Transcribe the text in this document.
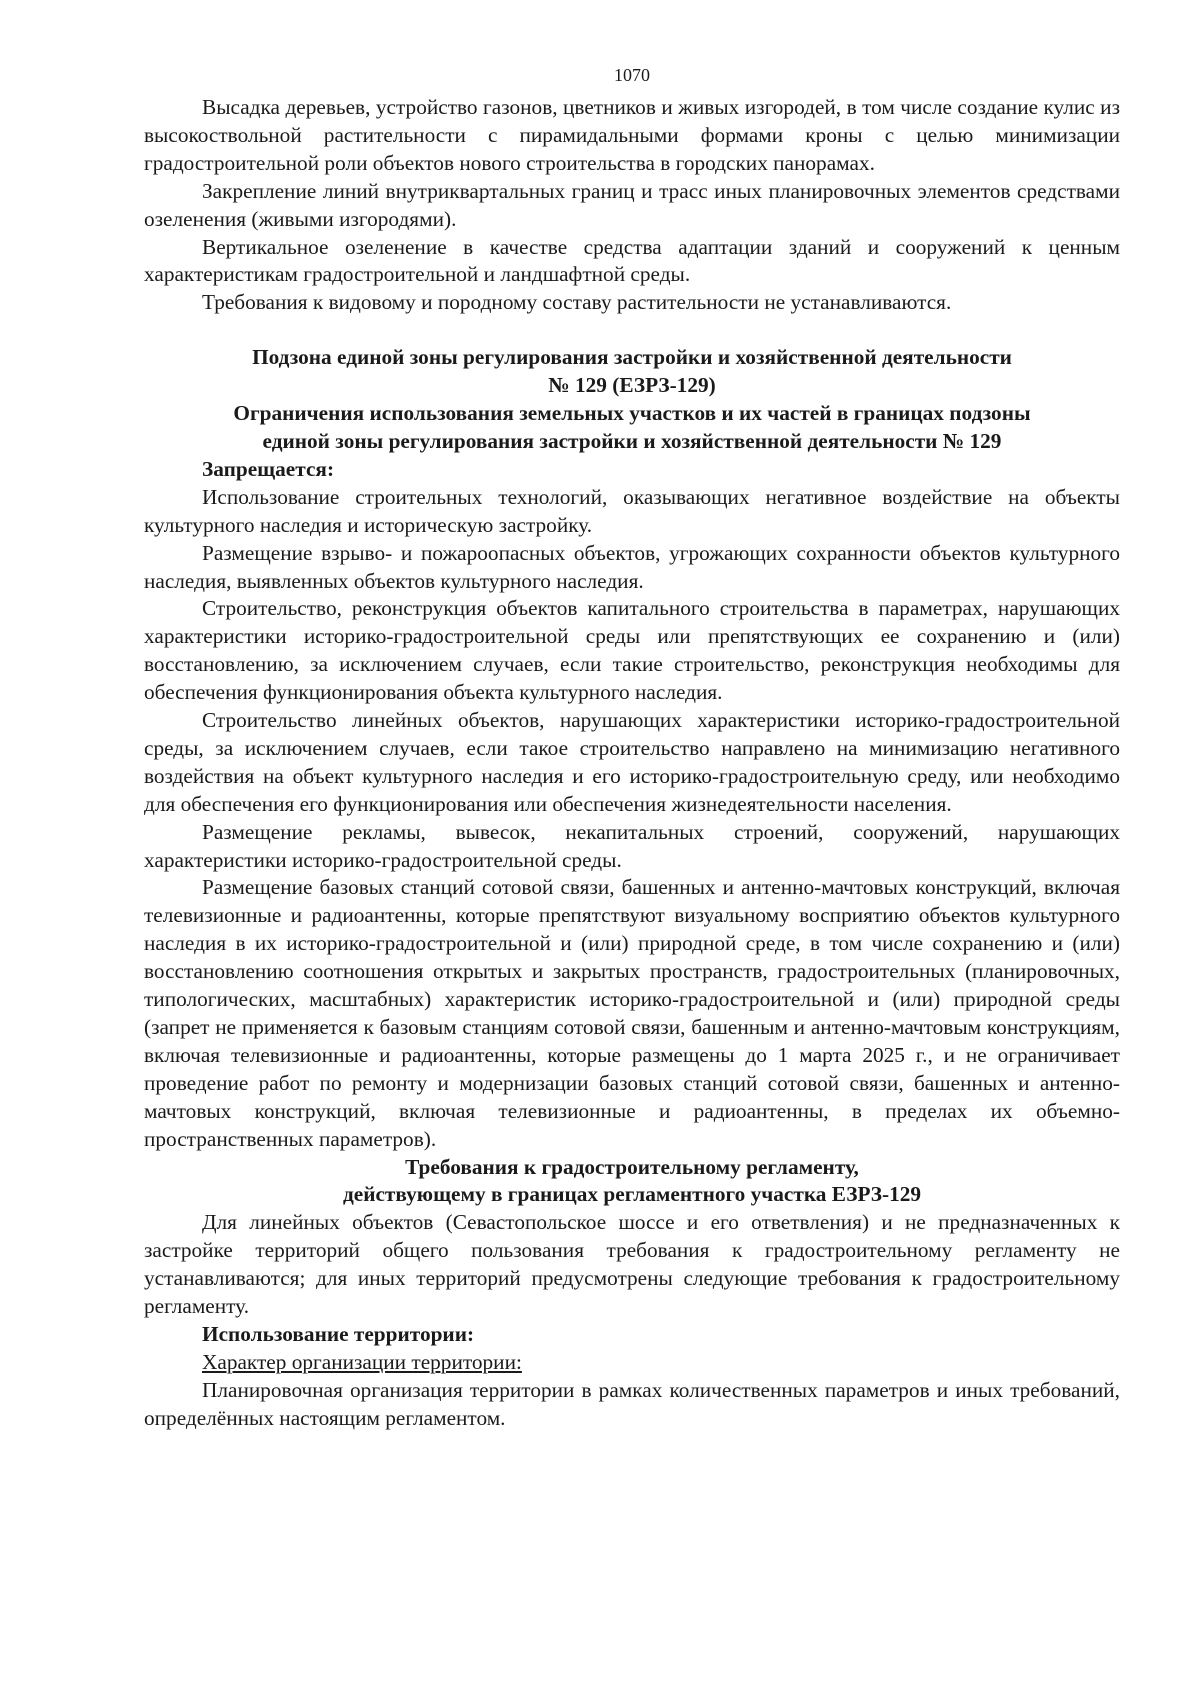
1070

Высадка деревьев, устройство газонов, цветников и живых изгородей, в том числе создание кулис из высокоствольной растительности с пирамидальными формами кроны с целью минимизации градостроительной роли объектов нового строительства в городских панорамах.

Закрепление линий внутриквартальных границ и трасс иных планировочных элементов средствами озеленения (живыми изгородями).

Вертикальное озеленение в качестве средства адаптации зданий и сооружений к ценным характеристикам градостроительной и ландшафтной среды.

Требования к видовому и породному составу растительности не устанавливаются.

Подзона единой зоны регулирования застройки и хозяйственной деятельности

№ 129 (ЕЗРЗ-129)

Ограничения использования земельных участков и их частей в границах подзоны

единой зоны регулирования застройки и хозяйственной деятельности № 129

Запрещается:

Использование строительных технологий, оказывающих негативное воздействие на объекты культурного наследия и историческую застройку.

Размещение взрыво- и пожароопасных объектов, угрожающих сохранности объектов культурного наследия, выявленных объектов культурного наследия.

Строительство, реконструкция объектов капитального строительства в параметрах, нарушающих характеристики историко-градостроительной среды или препятствующих ее сохранению и (или) восстановлению, за исключением случаев, если такие строительство, реконструкция необходимы для обеспечения функционирования объекта культурного наследия.

Строительство линейных объектов, нарушающих характеристики историко-градостроительной среды, за исключением случаев, если такое строительство направлено на минимизацию негативного воздействия на объект культурного наследия и его историко-градостроительную среду, или необходимо для обеспечения его функционирования или обеспечения жизнедеятельности населения.

Размещение рекламы, вывесок, некапитальных строений, сооружений, нарушающих характеристики историко-градостроительной среды.

Размещение базовых станций сотовой связи, башенных и антенно-мачтовых конструкций, включая телевизионные и радиоантенны, которые препятствуют визуальному восприятию объектов культурного наследия в их историко-градостроительной и (или) природной среде, в том числе сохранению и (или) восстановлению соотношения открытых и закрытых пространств, градостроительных (планировочных, типологических, масштабных) характеристик историко-градостроительной и (или) природной среды (запрет не применяется к базовым станциям сотовой связи, башенным и антенно-мачтовым конструкциям, включая телевизионные и радиоантенны, которые размещены до 1 марта 2025 г., и не ограничивает проведение работ по ремонту и модернизации базовых станций сотовой связи, башенных и антенно-мачтовых конструкций, включая телевизионные и радиоантенны, в пределах их объемно-пространственных параметров).

Требования к градостроительному регламенту,

действующему в границах регламентного участка ЕЗРЗ-129

Для линейных объектов (Севастопольское шоссе и его ответвления) и не предназначенных к застройке территорий общего пользования требования к градостроительному регламенту не устанавливаются; для иных территорий предусмотрены следующие требования к градостроительному регламенту.

Использование территории:

Характер организации территории:

Планировочная организация территории в рамках количественных параметров и иных требований, определённых настоящим регламентом.
